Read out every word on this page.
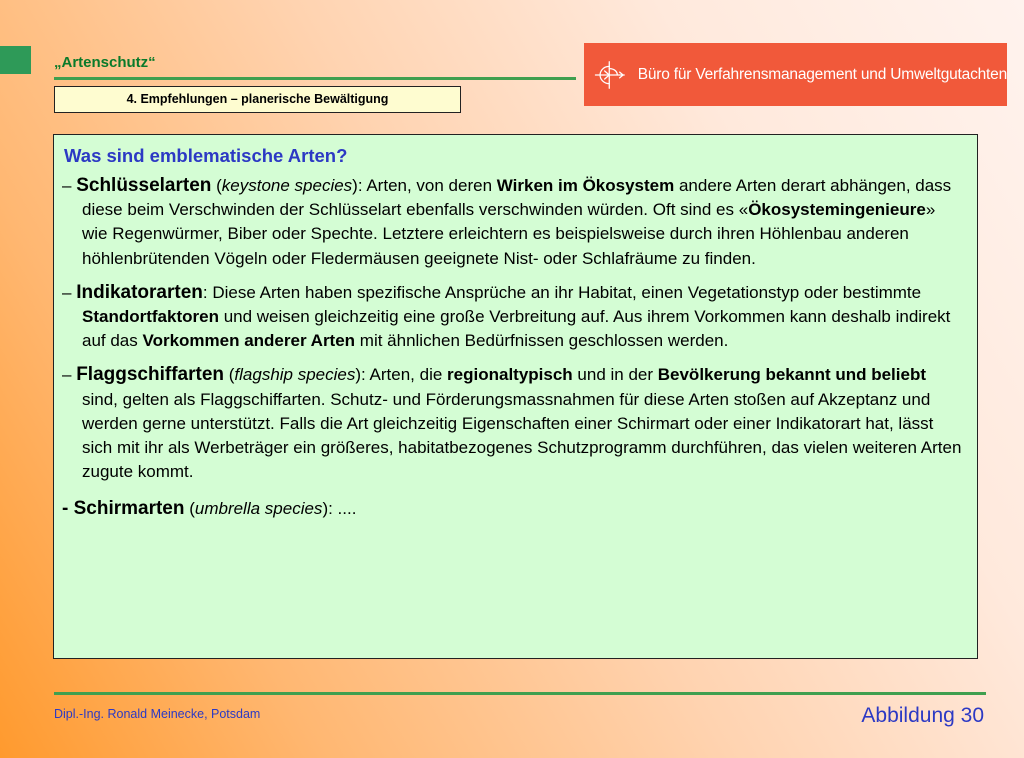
„Artenschutz“
Büro für Verfahrensmanagement und Umweltgutachten
4. Empfehlungen – planerische Bewältigung
Was sind emblematische Arten?

– Schlüsselarten (keystone species): Arten, von deren Wirken im Ökosystem andere Arten derart abhängen, dass diese beim Verschwinden der Schlüsselart ebenfalls verschwinden würden. Oft sind es «Ökosystemingenieure» wie Regenwürmer, Biber oder Spechte. Letztere erleichtern es beispielsweise durch ihren Höhlenbau anderen höhlenbrütenden Vögeln oder Fledermäusen geeignete Nist- oder Schlafräume zu finden.

– Indikatorarten: Diese Arten haben spezifische Ansprüche an ihr Habitat, einen Vegetationstyp oder bestimmte Standortfaktoren und weisen gleichzeitig eine große Verbreitung auf. Aus ihrem Vorkommen kann deshalb indirekt auf das Vorkommen anderer Arten mit ähnlichen Bedürfnissen geschlossen werden.

– Flaggschiffarten (flagship species): Arten, die regionaltypisch und in der Bevölkerung bekannt und beliebt sind, gelten als Flaggschiffarten. Schutz- und Förderungsmassnahmen für diese Arten stoßen auf Akzeptanz und werden gerne unterstützt. Falls die Art gleichzeitig Eigenschaften einer Schirmart oder einer Indikatorart hat, lässt sich mit ihr als Werbeträger ein größeres, habitatbezogenes Schutzprogramm durchführen, das vielen weiteren Arten zugute kommt.

- Schirmarten (umbrella species): ....

Dipl.-Ing. Ronald Meinecke, Potsdam	Abbildung 30
